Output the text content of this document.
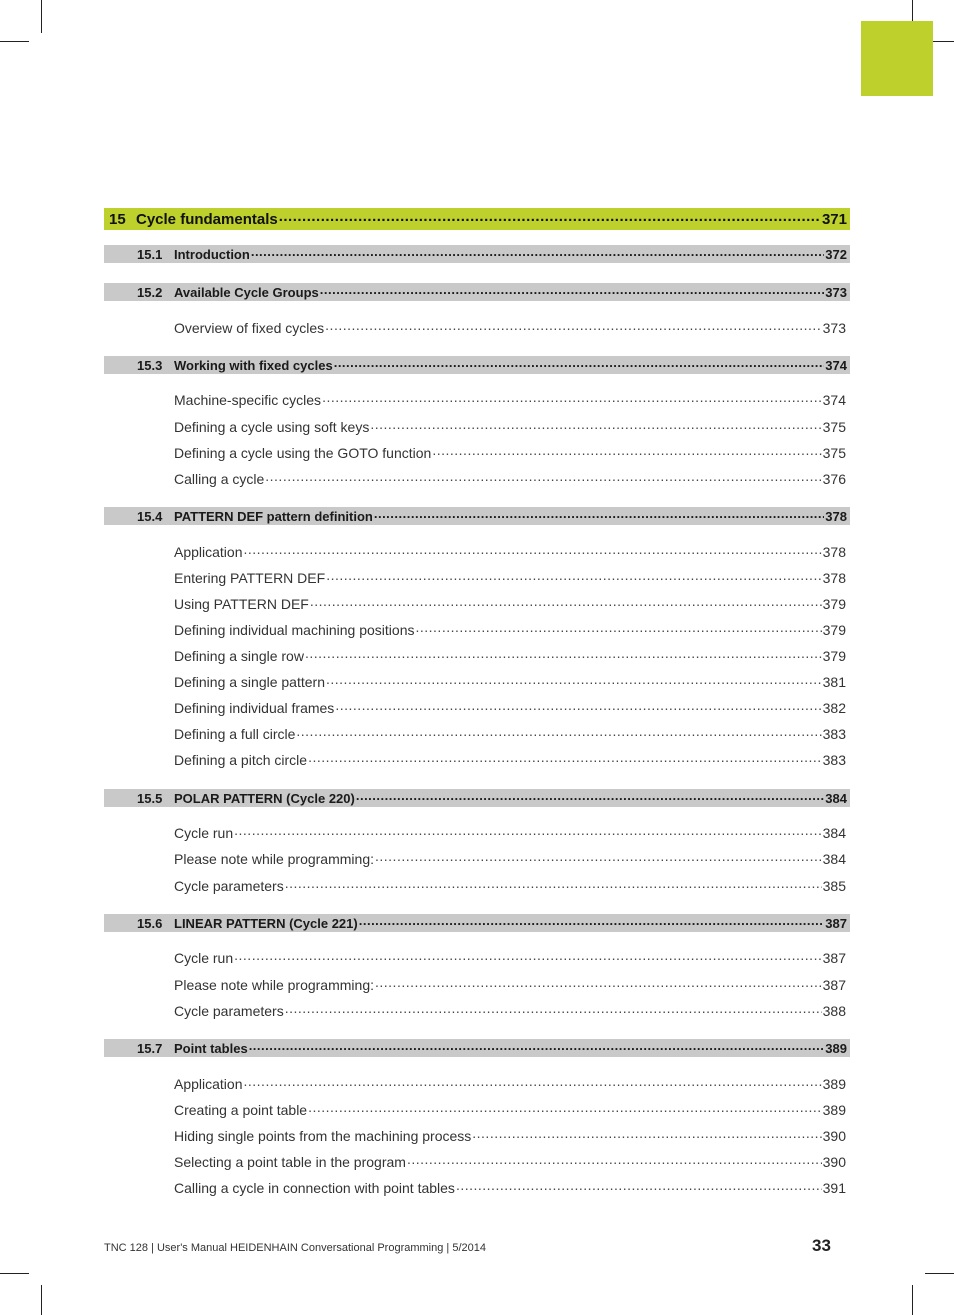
15 Cycle fundamentals .....	371
15.1 Introduction .....	372
15.2 Available Cycle Groups .....	373
Overview of fixed cycles .....	373
15.3 Working with fixed cycles .....	374
Machine-specific cycles .....	374
Defining a cycle using soft keys .....	375
Defining a cycle using the GOTO function .....	375
Calling a cycle .....	376
15.4 PATTERN DEF pattern definition .....	378
Application .....	378
Entering PATTERN DEF .....	378
Using PATTERN DEF .....	379
Defining individual machining positions .....	379
Defining a single row .....	379
Defining a single pattern .....	381
Defining individual frames .....	382
Defining a full circle .....	383
Defining a pitch circle .....	383
15.5 POLAR PATTERN (Cycle 220) .....	384
Cycle run .....	384
Please note while programming: .....	384
Cycle parameters .....	385
15.6 LINEAR PATTERN (Cycle 221) .....	387
Cycle run .....	387
Please note while programming: .....	387
Cycle parameters .....	388
15.7 Point tables .....	389
Application .....	389
Creating a point table .....	389
Hiding single points from the machining process .....	390
Selecting a point table in the program .....	390
Calling a cycle in connection with point tables .....	391
TNC 128 | User's Manual HEIDENHAIN Conversational Programming | 5/2014	33
